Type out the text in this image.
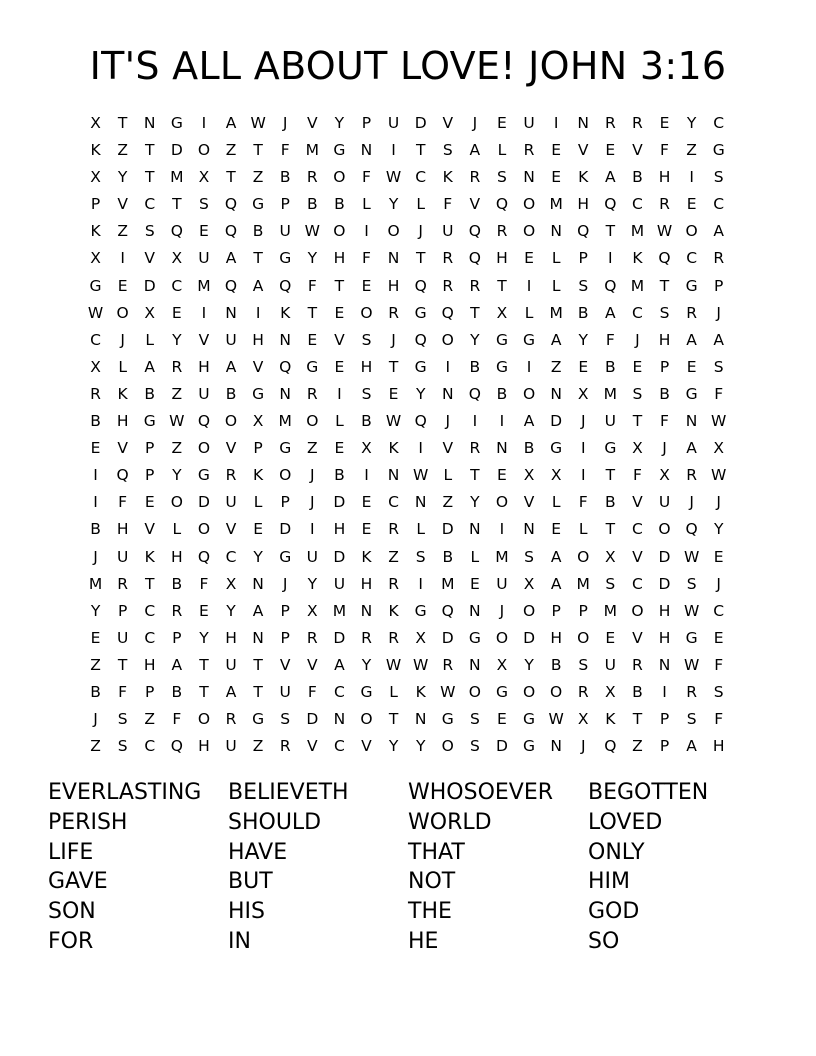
IT'S ALL ABOUT LOVE! JOHN 3:16
X	T	N G	I	A W	J	V	Y	P	U D	V	J	E	U	I	N	R	R	E	Y	C
K	Z	T	D O	Z	T	F	M G N	I	T	S	A	L	R	E	V	E	V	F	Z	G
X	Y	T	M X	T	Z	B	R	O	F W C	K	R	S	N	E	K	A	B	H	I	S
P	V	C	T	S	Q G	P	B	B	L	Y	L	F	V	Q O M H Q	C	R	E	C
K	Z	S	Q	E	Q	B	U W O	I	O	J	U Q	R	O N Q	T	M W O	A
X	I	V	X	U	A	T	G	Y	H	F	N	T	R	Q H	E	L	P	I	K	Q	C	R
G	E	D	C M Q	A	Q	F	T	E	H Q	R	R	T	I	L	S	Q M	T	G	P
W O	X	E	I	N	I	K	T	E	O	R	G Q	T	X	L	M B	A	C	S	R	J
C	J	L	Y	V	U	H N	E	V	S	J	Q O	Y	G G	A	Y	F	J	H	A	A
X	L	A	R	H	A	V	Q G	E	H	T	G	I	B	G	I	Z	E	B	E	P	E	S
R	K	B	Z	U	B	G N	R	I	S	E	Y	N Q	B	O N	X M S	B	G	F
B	H G W Q O	X M O	L	B W Q	J	I	I	A	D	J	U	T	F	N W
E	V	P	Z	O	V	P	G	Z	E	X	K	I	V	R	N	B	G	I	G	X	J	A	X
I	Q	P	Y	G	R	K	O	J	B	I	N W L	T	E	X	X	I	T	F	X	R W
I	F	E	O D U	L	P	J	D	E	C	N	Z	Y	O	V	L	F	B	V	U	J	J
B	H	V	L	O	V	E	D	I	H	E	R	L	D N	I	N	E	L	T	C	O Q	Y
J	U	K	H Q	C	Y	G U D	K	Z	S	B	L	M S	A	O	X	V	D W E
M R	T	B	F	X	N	J	Y	U	H	R	I	M	E	U	X	A M S	C	D	S	J
Y	P	C	R	E	Y	A	P	X M N	K	G Q N	J	O	P	P	M O H W C
E	U	C	P	Y	H N	P	R	D	R	R	X	D G O D H O	E	V	H G	E
Z	T	H	A	T	U	T	V	V	A	Y W W R	N	X	Y	B	S	U	R	N W F
B	F	P	B	T	A	T	U	F	C	G	L	K W O G O O	R	X	B	I	R	S
J	S	Z	F	O	R	G	S	D N O	T	N G	S	E	G W X	K	T	P	S	F
Z	S	C	Q H	U	Z	R	V	C	V	Y	Y	O	S	D G N	J	Q	Z	P	A	H
EVERLASTING	BELIEVETH	WHOSOEVER	BEGOTTEN
PERISH	SHOULD	WORLD	LOVED
LIFE	HAVE	THAT	ONLY
GAVE	BUT	NOT	HIM
SON	HIS	THE	GOD
FOR	IN	HE	SO
